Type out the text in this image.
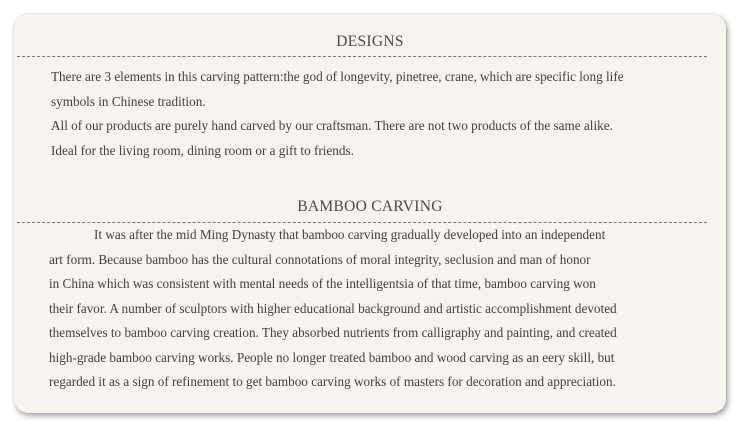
DESIGNS
There are 3 elements in this carving pattern:the god of longevity, pinetree, crane, which are specific long life
symbols in Chinese tradition.
All of our products are purely hand carved by our craftsman. There are not two products of the same alike.
Ideal for the living room, dining room or a gift to friends.
BAMBOO CARVING
It was after the mid Ming Dynasty that bamboo carving gradually developed into an independent
art form. Because bamboo has the cultural connotations of moral integrity, seclusion and man of honor
in China which was consistent with mental needs of the intelligentsia of that time, bamboo carving won
their favor. A number of sculptors with higher educational background and artistic accomplishment devoted
themselves to bamboo carving creation. They absorbed nutrients from calligraphy and painting, and created
high-grade bamboo carving works. People no longer treated bamboo and wood carving as an eery skill, but
regarded it as a sign of refinement to get bamboo carving works of masters for decoration and appreciation.
